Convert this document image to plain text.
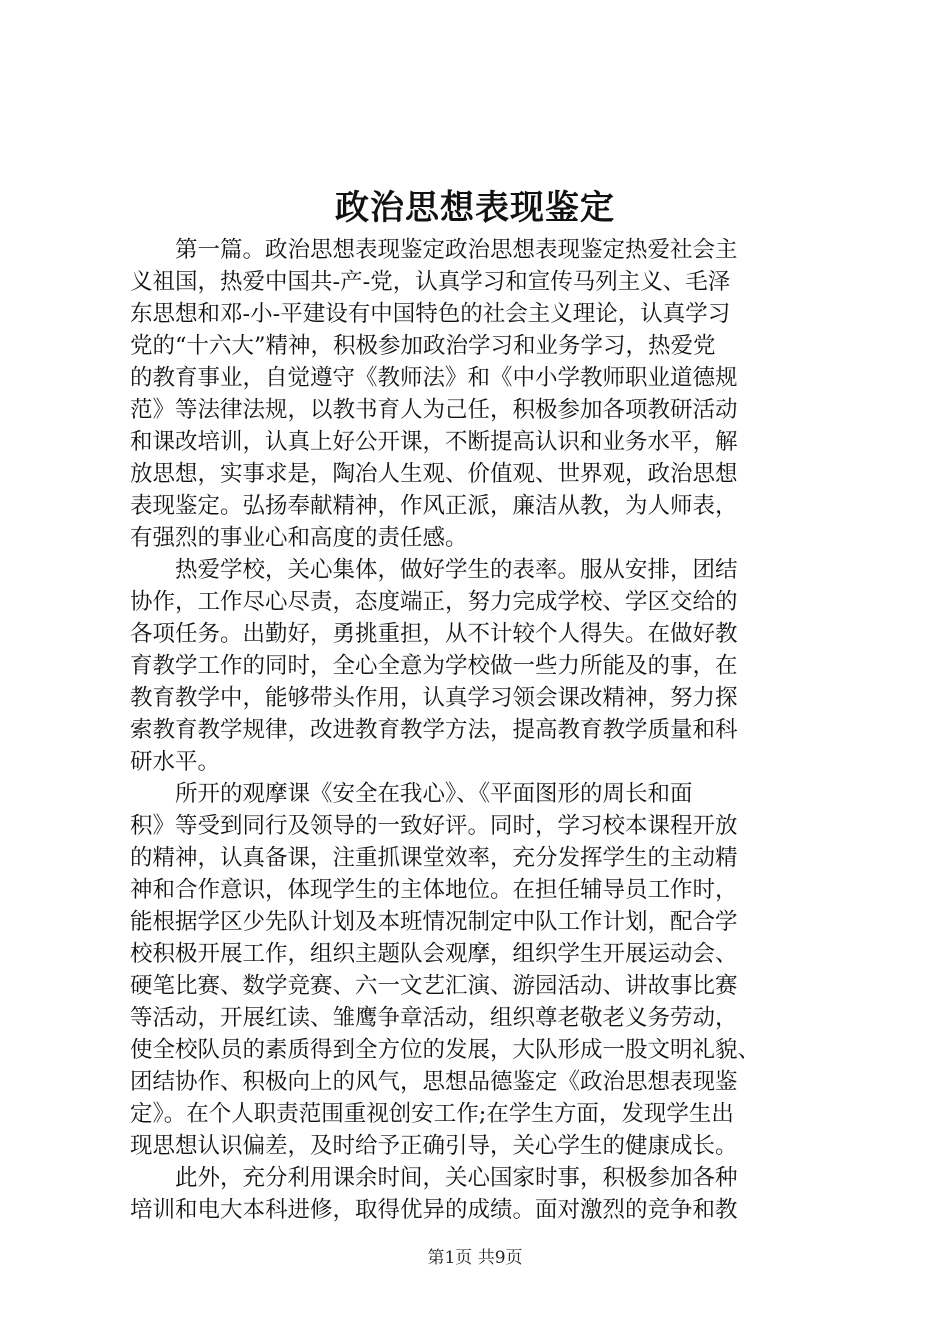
政治思想表现鉴定
　　第一篇。政治思想表现鉴定政治思想表现鉴定热爱社会主
义祖国，热爱中国共-产-党，认真学习和宣传马列主义、毛泽
东思想和邓-小-平建设有中国特色的社会主义理论，认真学习
党的“十六大”精神，积极参加政治学习和业务学习，热爱党
的教育事业，自觉遵守《教师法》和《中小学教师职业道德规
范》等法律法规，以教书育人为己任，积极参加各项教研活动
和课改培训，认真上好公开课，不断提高认识和业务水平，解
放思想，实事求是，陶冶人生观、价值观、世界观，政治思想
表现鉴定。弘扬奉献精神，作风正派，廉洁从教，为人师表，
有强烈的事业心和高度的责任感。
　　热爱学校，关心集体，做好学生的表率。服从安排，团结
协作，工作尽心尽责，态度端正，努力完成学校、学区交给的
各项任务。出勤好，勇挑重担，从不计较个人得失。在做好教
育教学工作的同时，全心全意为学校做一些力所能及的事，在
教育教学中，能够带头作用，认真学习领会课改精神，努力探
索教育教学规律，改进教育教学方法，提高教育教学质量和科
研水平。
　　所开的观摩课《安全在我心》、《平面图形的周长和面
积》等受到同行及领导的一致好评。同时，学习校本课程开放
的精神，认真备课，注重抓课堂效率，充分发挥学生的主动精
神和合作意识，体现学生的主体地位。在担任辅导员工作时，
能根据学区少先队计划及本班情况制定中队工作计划，配合学
校积极开展工作，组织主题队会观摩，组织学生开展运动会、
硬笔比赛、数学竞赛、六一文艺汇演、游园活动、讲故事比赛
等活动，开展红读、雏鹰争章活动，组织尊老敬老义务劳动，
使全校队员的素质得到全方位的发展，大队形成一股文明礼貌、
团结协作、积极向上的风气，思想品德鉴定《政治思想表现鉴
定》。在个人职责范围重视创安工作;在学生方面，发现学生出
现思想认识偏差，及时给予正确引导，关心学生的健康成长。
　　此外，充分利用课余时间，关心国家时事，积极参加各种
培训和电大本科进修，取得优异的成绩。面对激烈的竞争和教
第1页 共9页
